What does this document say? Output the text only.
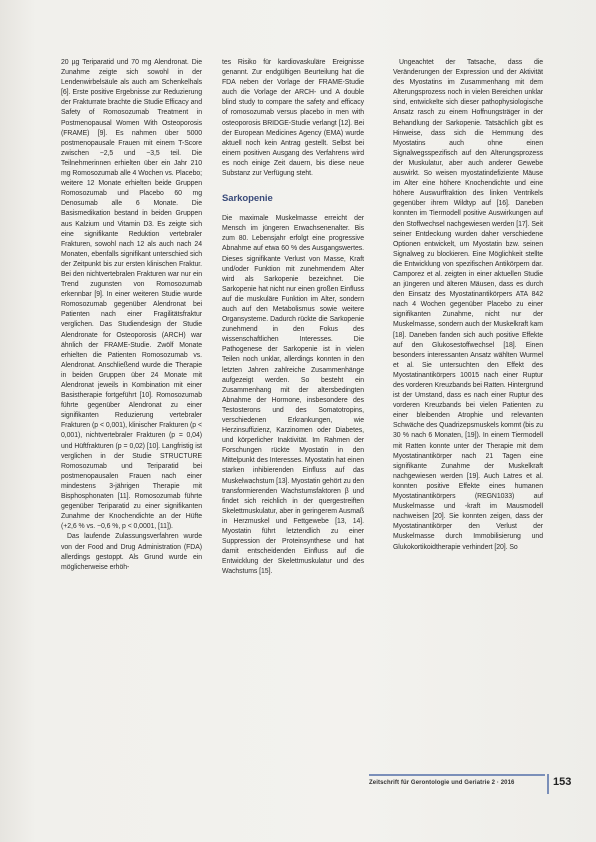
20 µg Teriparatid und 70 mg Alendronat. Die Zunahme zeigte sich sowohl in der Lendenwirbelsäule als auch am Schenkelhals [6]. Erste positive Ergebnisse zur Reduzierung der Frakturrate brachte die Studie Efficacy and Safety of Romosozumab Treatment in Postmenopausal Women With Osteoporosis (FRAME) [9]. Es nahmen über 5000 postmenopausale Frauen mit einem T-Score zwischen −2,5 und −3,5 teil. Die Teilnehmerinnen erhielten über ein Jahr 210 mg Romosozumab alle 4 Wochen vs. Placebo; weitere 12 Monate erhielten beide Gruppen Romosozumab und Placebo 60 mg Denosumab alle 6 Monate. Die Basismedikation bestand in beiden Gruppen aus Kalzium und Vitamin D3. Es zeigte sich eine signifikante Reduktion vertebraler Frakturen, sowohl nach 12 als auch nach 24 Monaten, ebenfalls signifikant unterschied sich der Zeitpunkt bis zur ersten klinischen Fraktur. Bei den nichtvertebralen Frakturen war nur ein Trend zugunsten von Romosozumab erkennbar [9]. In einer weiteren Studie wurde Romosozumab gegenüber Alendronat bei Patienten nach einer Fragilitätsfraktur verglichen. Das Studiendesign der Studie Alendronate for Osteoporosis (ARCH) war ähnlich der FRAME-Studie. Zwölf Monate erhielten die Patienten Romosozumab vs. Alendronat. Anschließend wurde die Therapie in beiden Gruppen über 24 Monate mit Alendronat jeweils in Kombination mit einer Basistherapie fortgeführt [10]. Romosozumab führte gegenüber Alendronat zu einer signifikanten Reduzierung vertebraler Frakturen (p < 0,001), klinischer Frakturen (p < 0,001), nichtvertebraler Frakturen (p = 0,04) und Hüftfrakturen (p = 0,02) [10]. Langfristig ist verglichen in der Studie STRUCTURE Romosozumab und Teriparatid bei postmenopausalen Frauen nach einer mindestens 3-jährigen Therapie mit Bisphosphonaten [11]. Romosozumab führte gegenüber Teriparatid zu einer signifikanten Zunahme der Knochendichte an der Hüfte (+2,6 % vs. −0,6 %, p < 0,0001, [11]).

Das laufende Zulassungsverfahren wurde von der Food and Drug Administration (FDA) allerdings gestoppt. Als Grund wurde ein möglicherweise erhöh-

tes Risiko für kardiovaskuläre Ereignisse genannt. Zur endgültigen Beurteilung hat die FDA neben der Vorlage der FRAME-Studie auch die Vorlage der ARCH- und A double blind study to compare the safety and efficacy of romosozumab versus placebo in men with osteoporosis BRIDGE-Studie verlangt [12]. Bei der European Medicines Agency (EMA) wurde aktuell noch kein Antrag gestellt. Selbst bei einem positiven Ausgang des Verfahrens wird es noch einige Zeit dauern, bis diese neue Substanz zur Verfügung steht.

Sarkopenie

Die maximale Muskelmasse erreicht der Mensch im jüngeren Erwachsenenalter. Bis zum 80. Lebensjahr erfolgt eine progressive Abnahme auf etwa 60 % des Ausgangswertes. Dieses signifikante Verlust von Masse, Kraft und/oder Funktion mit zunehmendem Alter wird als Sarkopenie bezeichnet. Die Sarkopenie hat nicht nur einen großen Einfluss auf die muskuläre Funktion im Alter, sondern auch auf den Metabolismus sowie weitere Organsysteme. Dadurch rückte die Sarkopenie zunehmend in den Fokus des wissenschaftlichen Interesses. Die Pathogenese der Sarkopenie ist in vielen Teilen noch unklar, allerdings konnten in den letzten Jahren zahlreiche Zusammenhänge aufgezeigt werden. So besteht ein Zusammenhang mit der altersbedingten Abnahme der Hormone, insbesondere des Testosterons und des Somatotropins, verschiedenen Erkrankungen, wie Herzinsuffizienz, Karzinomen oder Diabetes, und körperlicher Inaktivität. Im Rahmen der Forschungen rückte Myostatin in den Mittelpunkt des Interesses. Myostatin hat einen starken inhibierenden Einfluss auf das Muskelwachstum [13]. Myostatin gehört zu den transformierenden Wachstumsfaktoren β und findet sich reichlich in der quergestreiften Skelettmuskulatur, aber in geringerem Ausmaß in Herzmuskel und Fettgewebe [13, 14]. Myostatin führt letztendlich zu einer Suppression der Proteinsynthese und hat damit entscheidenden Einfluss auf die Entwicklung der Skelettmuskulatur und des Wachstums [15].

Ungeachtet der Tatsache, dass die Veränderungen der Expression und der Aktivität des Myostatins im Zusammenhang mit dem Alterungsprozess noch in vielen Bereichen unklar sind, entwickelte sich dieser pathophysiologische Ansatz rasch zu einem Hoffnungsträger in der Behandlung der Sarkopenie. Tatsächlich gibt es Hinweise, dass sich die Hemmung des Myostatins auch ohne einen Signalwegsspezifisch auf den Alterungsprozess der Muskulatur, aber auch anderer Gewebe auswirkt. So weisen myostatindefiziente Mäuse im Alter eine höhere Knochendichte und eine höhere Auswurffraktion des linken Ventrikels gegenüber ihrem Wildtyp auf [16]. Daneben konnten im Tiermodell positive Auswirkungen auf den Stoffwechsel nachgewiesen werden [17]. Seit seiner Entdeckung wurden daher verschiedene Optionen entwickelt, um Myostatin bzw. seinen Signalweg zu blockieren. Eine Möglichkeit stellte die Entwicklung von spezifischen Antikörpern dar. Camporez et al. zeigten in einer aktuellen Studie an jüngeren und älteren Mäusen, dass es durch den Einsatz des Myostatinantikörpers ATA 842 nach 4 Wochen gegenüber Placebo zu einer signifikanten Zunahme, nicht nur der Muskelmasse, sondern auch der Muskelkraft kam [18]. Daneben fanden sich auch positive Effekte auf den Glukosestoffwechsel [18]. Einen besonders interessanten Ansatz wählten Wurmel et al. Sie untersuchten den Effekt des Myostatinantikörpers 10015 nach einer Ruptur des vorderen Kreuzbands bei Ratten. Hintergrund ist der Umstand, dass es nach einer Ruptur des vorderen Kreuzbands bei vielen Patienten zu einer bleibenden Atrophie und relevanten Schwäche des Quadrizepsmuskels kommt (bis zu 30 % nach 6 Monaten, [19]). In einem Tiermodell mit Ratten konnte unter der Therapie mit dem Myostatinantikörper nach 21 Tagen eine signifikante Zunahme der Muskelkraft nachgewiesen werden [19]. Auch Latres et al. konnten positive Effekte eines humanen Myostatinantikörpers (REGN1033) auf Muskelmasse und -kraft im Mausmodell nachweisen [20]. Sie konnten zeigen, dass der Myostatinantikörper den Verlust der Muskelmasse durch Immobilisierung und Glukokortikoidtherapie verhindert [20]. So

Zeitschrift für Gerontologie und Geriatrie 2 · 2016	153
